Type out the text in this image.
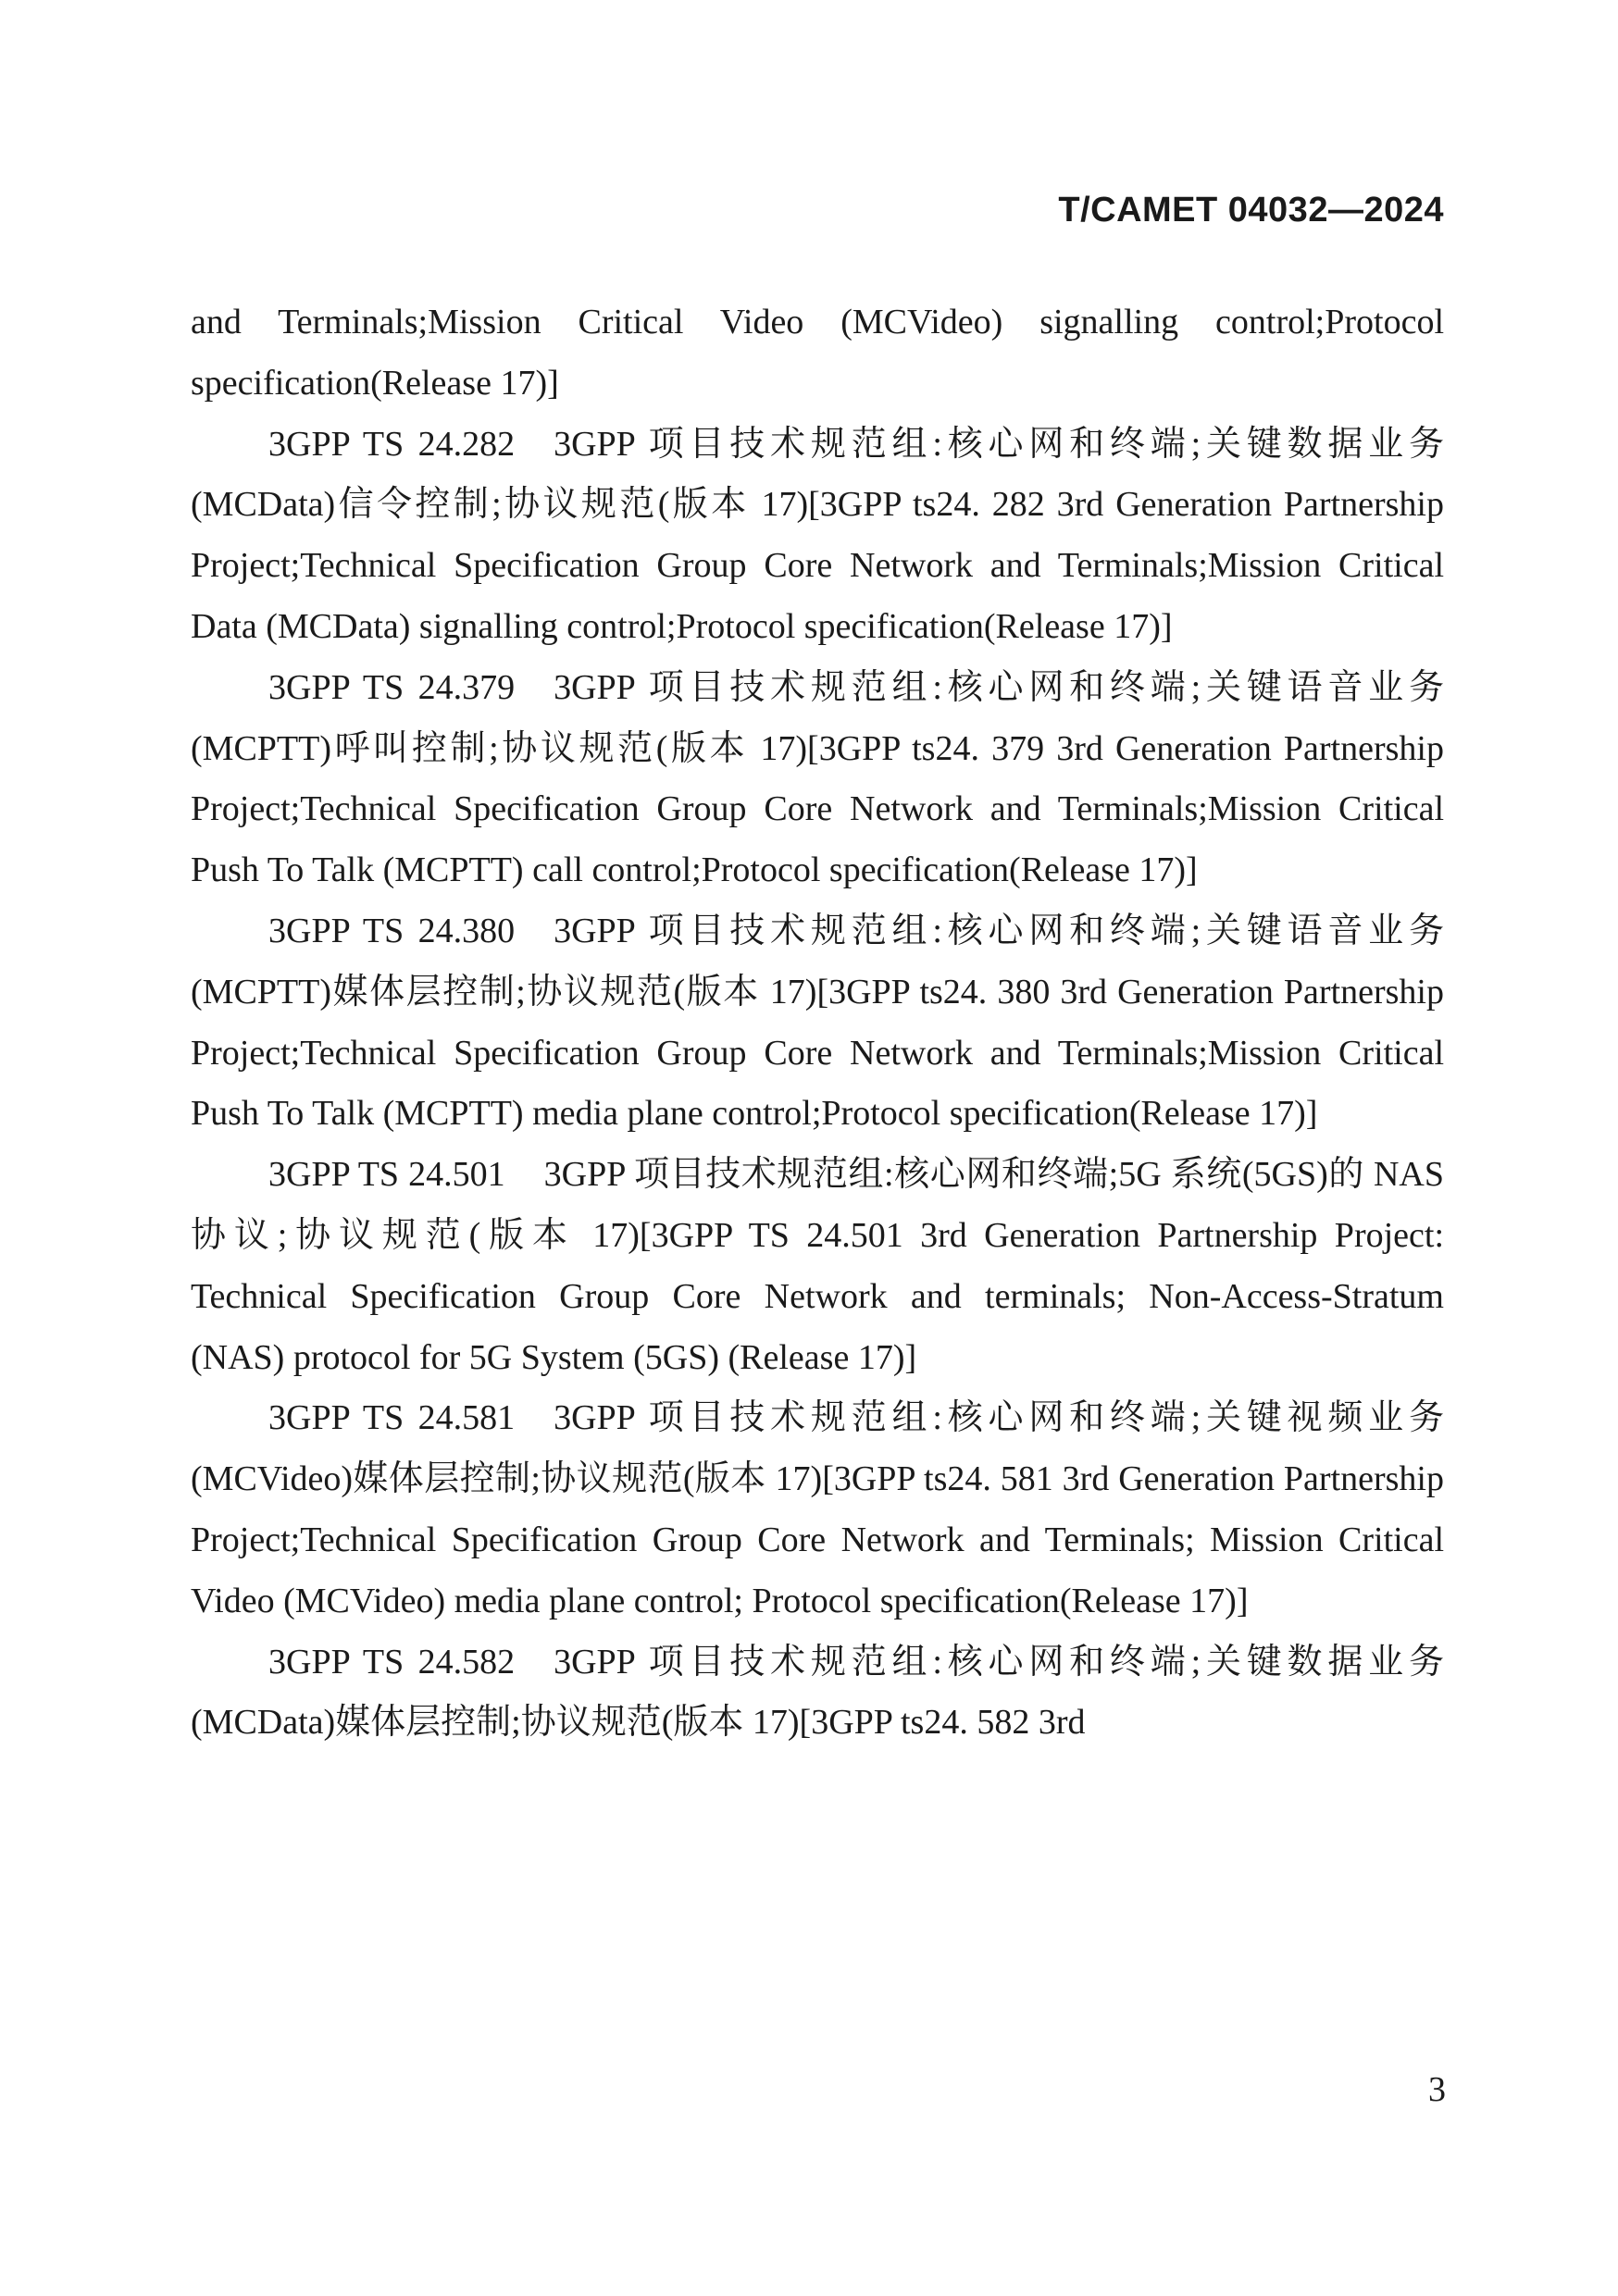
T/CAMET 04032—2024

and Terminals;Mission Critical Video (MCVideo) signalling control;Protocol specification(Release 17)]

3GPP TS 24.282 3GPP 项目技术规范组:核心网和终端;关键数据业务(MCData)信令控制;协议规范(版本 17)[3GPP ts24. 282 3rd Generation Partnership Project;Technical Specification Group Core Network and Terminals;Mission Critical Data (MCData) signalling control;Protocol specification(Release 17)]

3GPP TS 24.379 3GPP 项目技术规范组:核心网和终端;关键语音业务(MCPTT)呼叫控制;协议规范(版本 17)[3GPP ts24. 379 3rd Generation Partnership Project;Technical Specification Group Core Network and Terminals;Mission Critical Push To Talk (MCPTT) call control;Protocol specification(Release 17)]

3GPP TS 24.380 3GPP 项目技术规范组:核心网和终端;关键语音业务(MCPTT)媒体层控制;协议规范(版本 17)[3GPP ts24. 380 3rd Generation Partnership Project;Technical Specification Group Core Network and Terminals;Mission Critical Push To Talk (MCPTT) media plane control;Protocol specification(Release 17)]

3GPP TS 24.501 3GPP 项目技术规范组:核心网和终端;5G 系统(5GS)的 NAS 协议;协议规范(版本 17)[3GPP TS 24.501 3rd Generation Partnership Project: Technical Specification Group Core Network and terminals; Non-Access-Stratum (NAS) protocol for 5G System (5GS) (Release 17)]

3GPP TS 24.581 3GPP 项目技术规范组:核心网和终端;关键视频业务(MCVideo)媒体层控制;协议规范(版本 17)[3GPP ts24. 581 3rd Generation Partnership Project;Technical Specification Group Core Network and Terminals; Mission Critical Video (MCVideo) media plane control; Protocol specification(Release 17)]

3GPP TS 24.582 3GPP 项目技术规范组:核心网和终端;关键数据业务(MCData)媒体层控制;协议规范(版本 17)[3GPP ts24. 582 3rd

3
